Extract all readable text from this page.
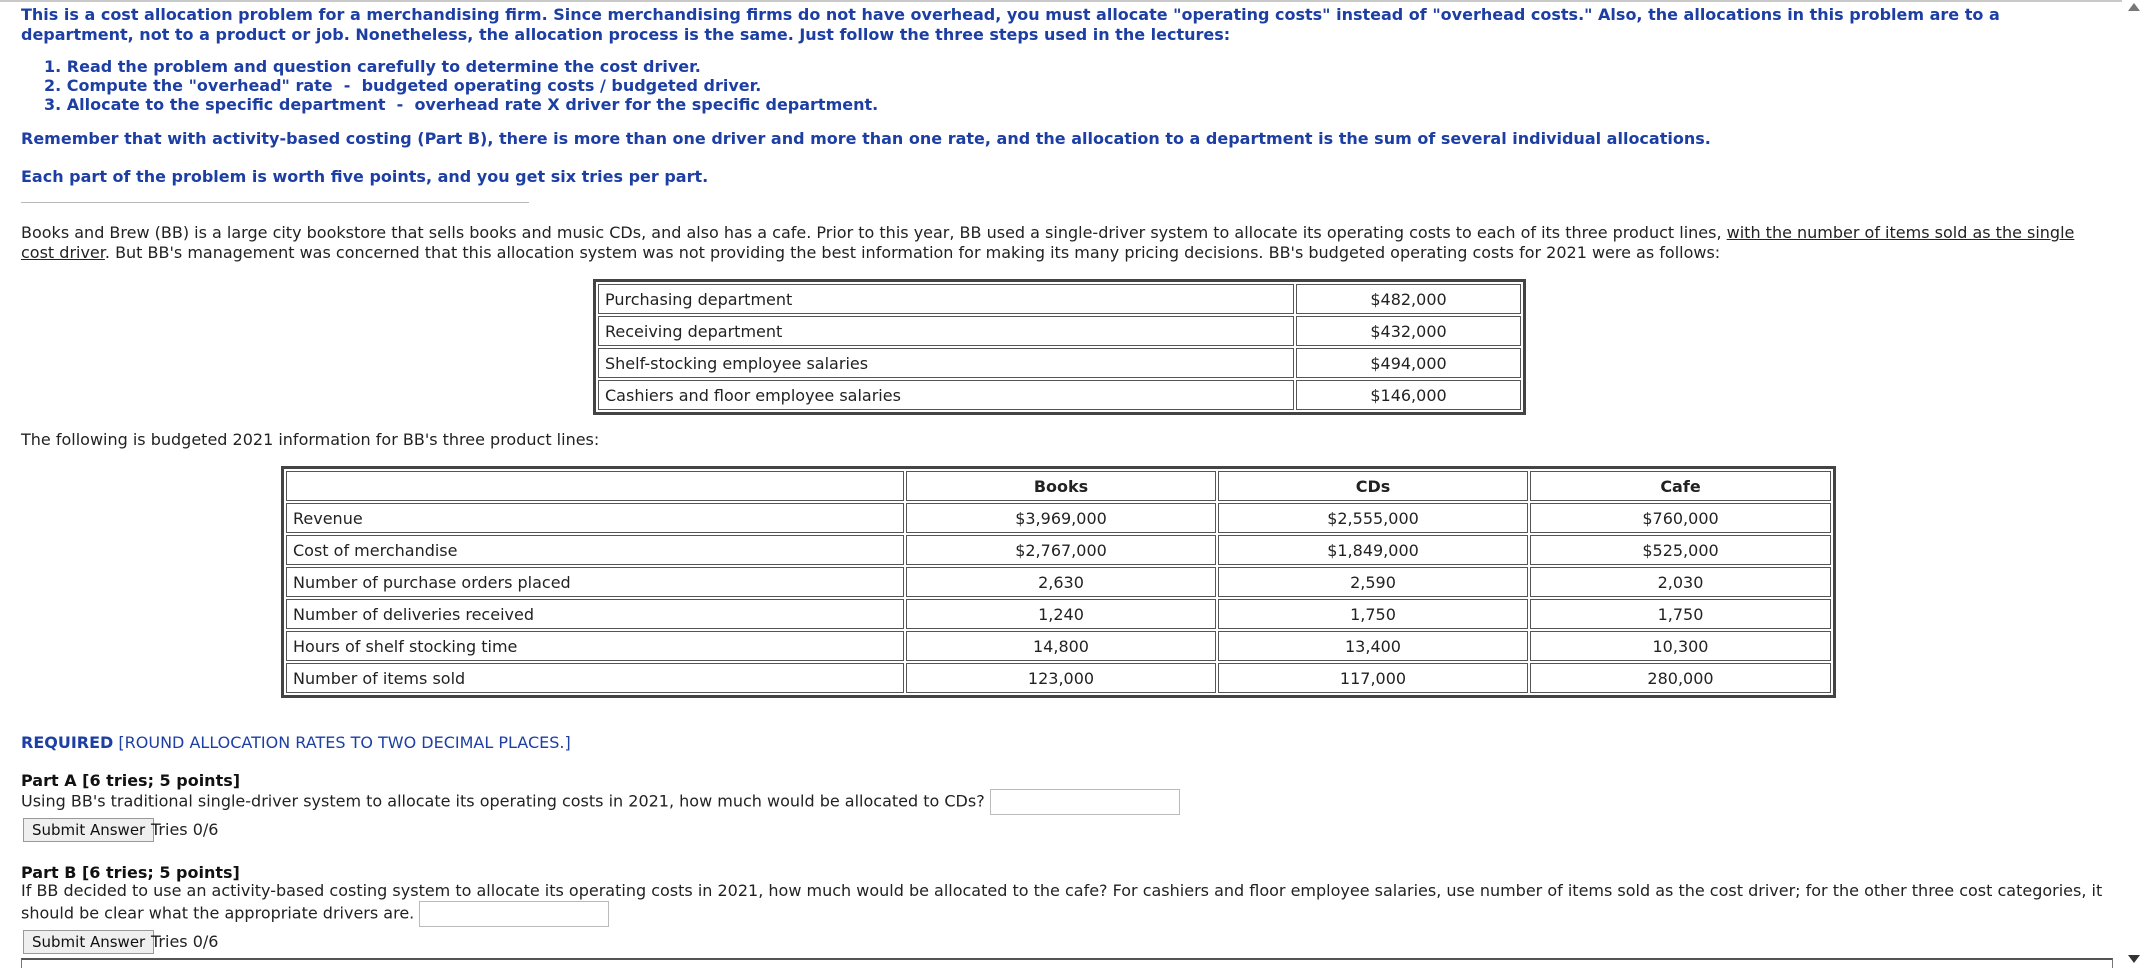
This is a cost allocation problem for a merchandising firm. Since merchandising firms do not have overhead, you must allocate "operating costs" instead of "overhead costs." Also, the allocations in this problem are to a department, not to a product or job. Nonetheless, the allocation process is the same. Just follow the three steps used in the lectures:
1. Read the problem and question carefully to determine the cost driver.
2. Compute the "overhead" rate  -  budgeted operating costs / budgeted driver.
3. Allocate to the specific department  -  overhead rate X driver for the specific department.
Remember that with activity-based costing (Part B), there is more than one driver and more than one rate, and the allocation to a department is the sum of several individual allocations.
Each part of the problem is worth five points, and you get six tries per part.
Books and Brew (BB) is a large city bookstore that sells books and music CDs, and also has a cafe. Prior to this year, BB used a single-driver system to allocate its operating costs to each of its three product lines, with the number of items sold as the single cost driver. But BB's management was concerned that this allocation system was not providing the best information for making its many pricing decisions. BB's budgeted operating costs for 2021 were as follows:
Purchasing department	$482,000
Receiving department	$432,000
Shelf-stocking employee salaries	$494,000
Cashiers and floor employee salaries	$146,000
The following is budgeted 2021 information for BB's three product lines:
	Books	CDs	Cafe
Revenue	$3,969,000	$2,555,000	$760,000
Cost of merchandise	$2,767,000	$1,849,000	$525,000
Number of purchase orders placed	2,630	2,590	2,030
Number of deliveries received	1,240	1,750	1,750
Hours of shelf stocking time	14,800	13,400	10,300
Number of items sold	123,000	117,000	280,000
REQUIRED [ROUND ALLOCATION RATES TO TWO DECIMAL PLACES.]
Part A [6 tries; 5 points]
Using BB's traditional single-driver system to allocate its operating costs in 2021, how much would be allocated to CDs?
Submit Answer Tries 0/6
Part B [6 tries; 5 points]
If BB decided to use an activity-based costing system to allocate its operating costs in 2021, how much would be allocated to the cafe? For cashiers and floor employee salaries, use number of items sold as the cost driver; for the other three cost categories, it should be clear what the appropriate drivers are.
Submit Answer Tries 0/6
